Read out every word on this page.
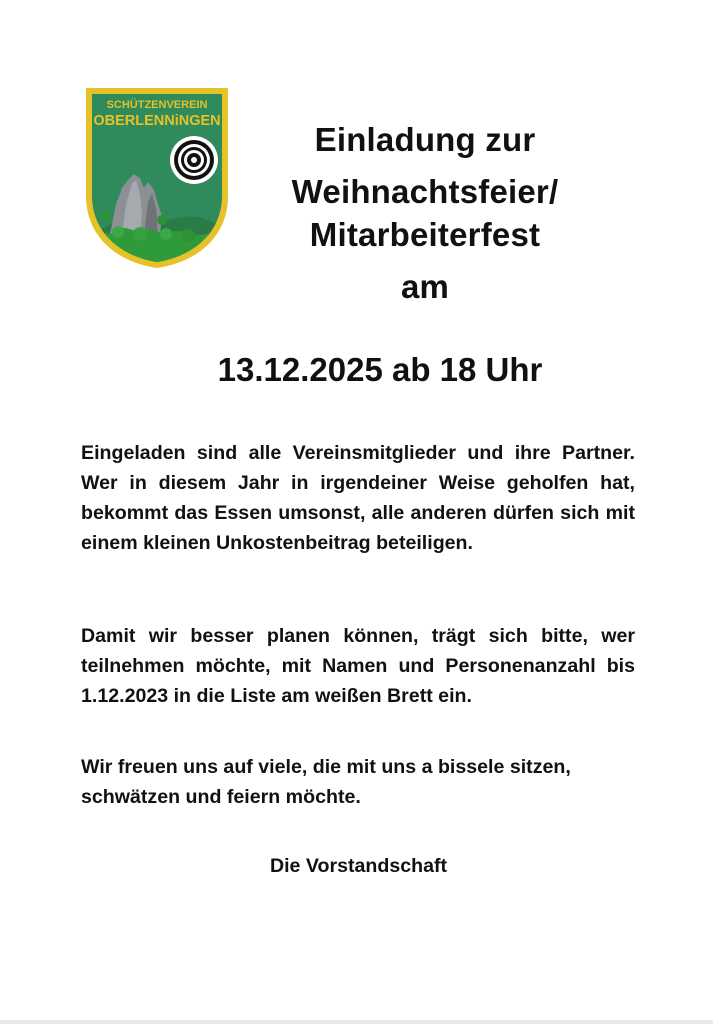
SCHÜTZENVEREIN
OBERLENNiNGEN	Einladung zur
Weihnachtsfeier/
Mitarbeiterfest
am
13.12.2025 ab 18 Uhr

Eingeladen sind alle Vereinsmitglieder und ihre Partner. Wer in diesem Jahr in irgendeiner Weise geholfen hat, bekommt das Essen umsonst, alle anderen dürfen sich mit einem kleinen Unkostenbeitrag beteiligen.

Damit wir besser planen können, trägt sich bitte, wer teilnehmen möchte, mit Namen und Personenanzahl bis 1.12.2023 in die Liste am weißen Brett ein.

Wir freuen uns auf viele, die mit uns a bissele sitzen, schwätzen und feiern möchte.

Die Vorstandschaft
